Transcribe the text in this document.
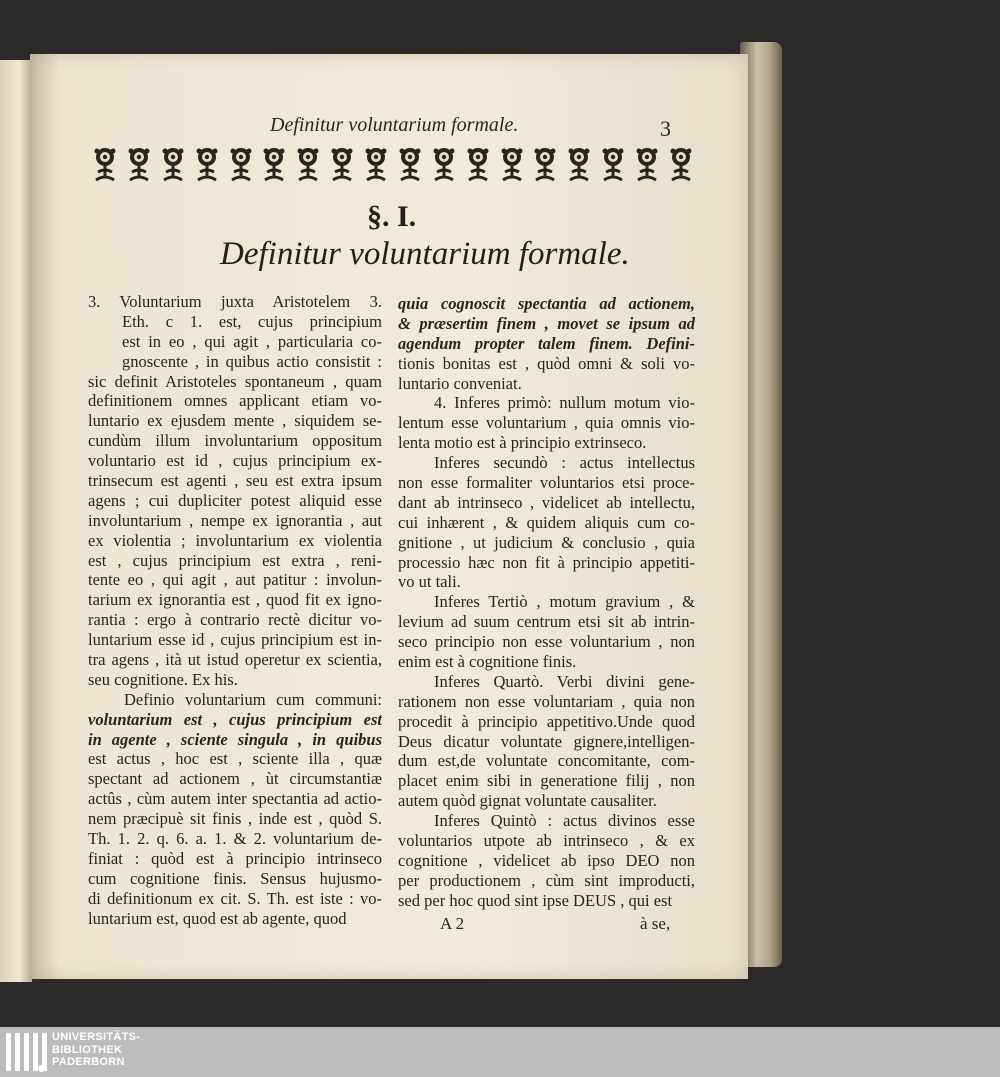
Definitur voluntarium formale.	3
§. I.
Definitur voluntarium formale.
3. Voluntarium juxta Aristotelem 3.
Eth. c 1. est, cujus principium
est in eo , qui agit , particularia co-
gnoscente , in quibus actio consistit :
sic definit Aristoteles spontaneum , quam
definitionem omnes applicant etiam vo-
luntario ex ejusdem mente , siquidem se-
cundùm illum involuntarium oppositum
voluntario est id , cujus principium ex-
trinsecum est agenti , seu est extra ipsum
agens ; cui dupliciter potest aliquid esse
involuntarium , nempe ex ignorantia , aut
ex violentia ; involuntarium ex violentia
est , cujus principium est extra , reni-
tente eo , qui agit , aut patitur : involun-
tarium ex ignorantia est , quod fit ex igno-
rantia : ergo à contrario rectè dicitur vo-
luntarium esse id , cujus principium est in-
tra agens , ità ut istud operetur ex scientia,
seu cognitione. Ex his.
Definio voluntarium cum communi:
voluntarium est , cujus principium est
in agente , sciente singula , in quibus
est actus , hoc est , sciente illa , quæ
spectant ad actionem , ùt circumstantiæ
actûs , cùm autem inter spectantia ad actio-
nem præcipuè sit finis , inde est , quòd S.
Th. 1. 2. q. 6. a. 1. & 2. voluntarium de-
finiat : quòd est à principio intrinseco
cum cognitione finis. Sensus hujusmo-
di definitionum ex cit. S. Th. est iste : vo-
luntarium est, quod est ab agente, quod
quia cognoscit spectantia ad actionem,
& præsertim finem , movet se ipsum ad
agendum propter talem finem. Defini-
tionis bonitas est , quòd omni & soli vo-
luntario conveniat.
4. Inferes primò: nullum motum vio-
lentum esse voluntarium , quia omnis vio-
lenta motio est à principio extrinseco.
Inferes secundò : actus intellectus
non esse formaliter voluntarios etsi proce-
dant ab intrinseco , videlicet ab intellectu,
cui inhærent , & quidem aliquis cum co-
gnitione , ut judicium & conclusio , quia
processio hæc non fit à principio appetiti-
vo ut tali.
Inferes Tertiò , motum gravium , &
levium ad suum centrum etsi sit ab intrin-
seco principio non esse voluntarium , non
enim est à cognitione finis.
Inferes Quartò. Verbi divini gene-
rationem non esse voluntariam , quia non
procedit à principio appetitivo.Unde quod
Deus dicatur voluntate gignere,intelligen-
dum est,de voluntate concomitante, com-
placet enim sibi in generatione filij , non
autem quòd gignat voluntate causaliter.
Inferes Quintò : actus divinos esse
voluntarios utpote ab intrinseco , & ex
cognitione , videlicet ab ipso DEO non
per productionem , cùm sint improducti,
sed per hoc quod sint ipse DEUS , qui est
A 2	à se,
UNIVERSITÄTS-
BIBLIOTHEK
PADERBORN
